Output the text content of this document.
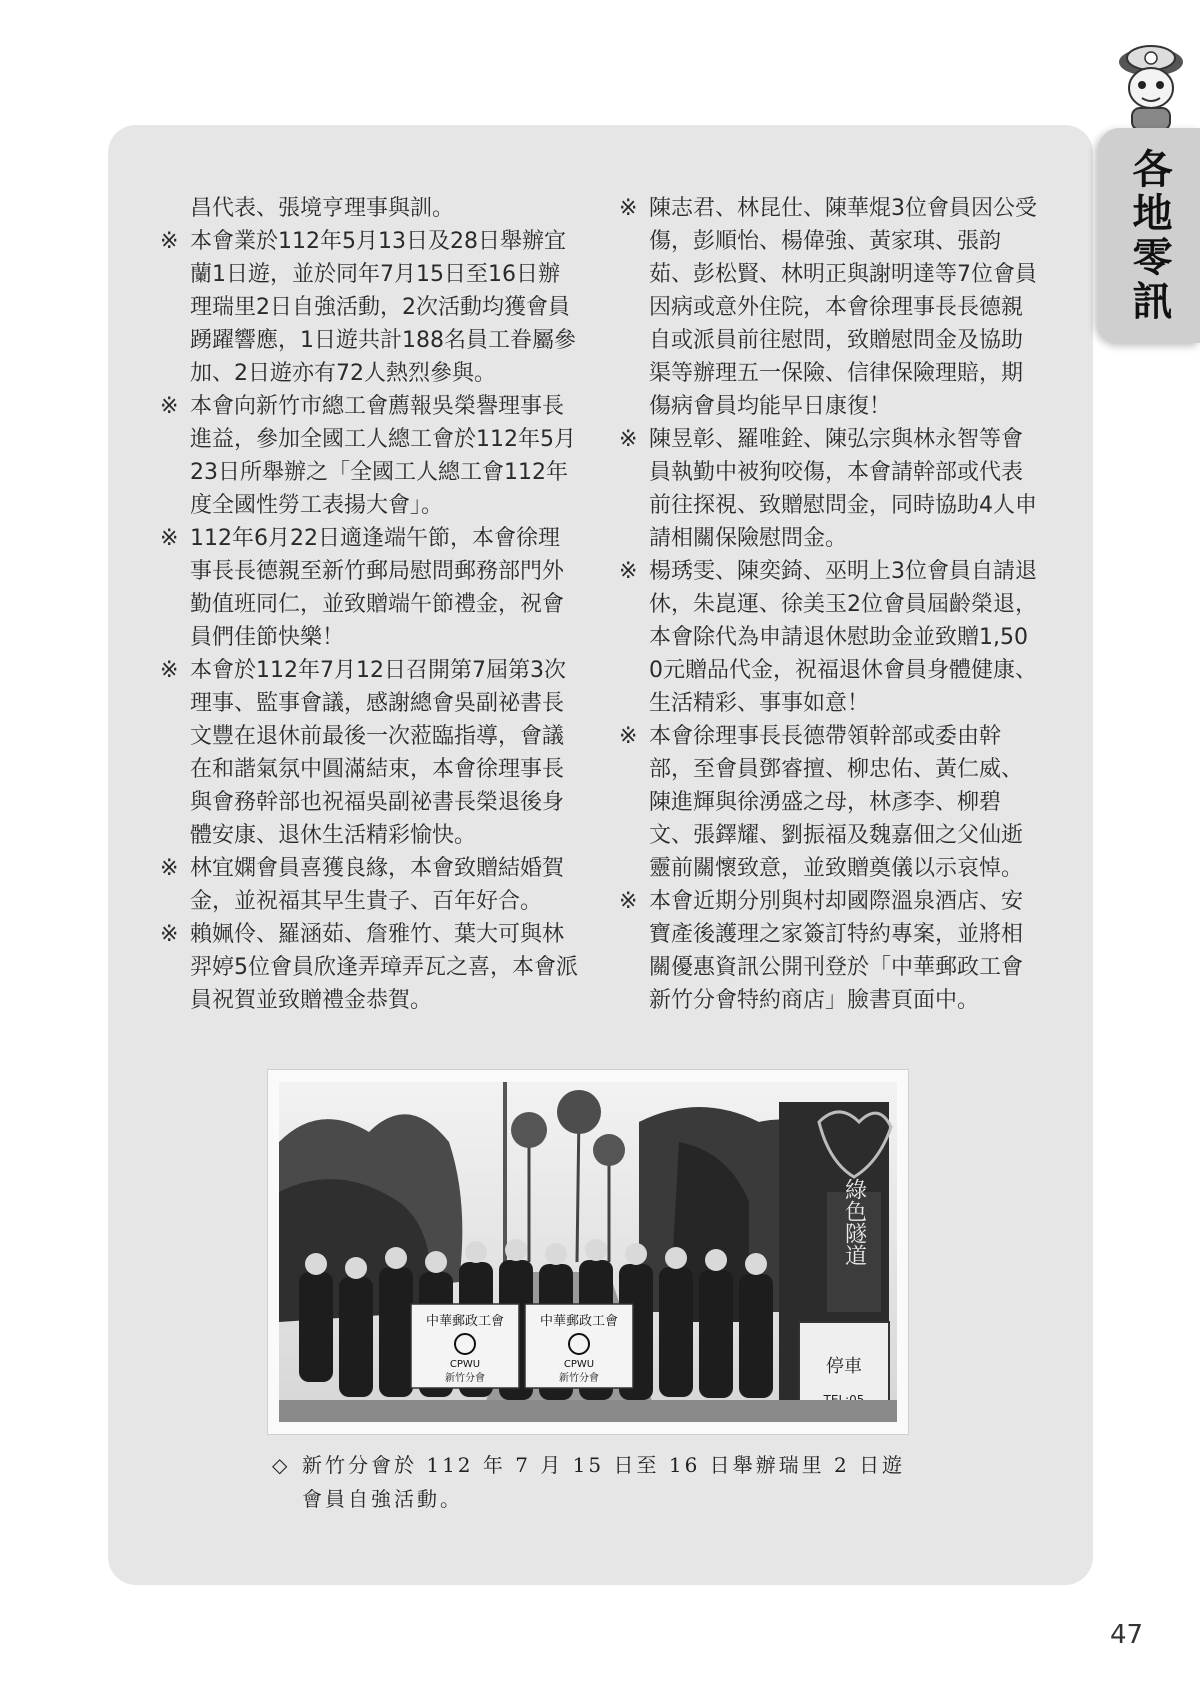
各地零訊
昌代表、張境亨理事與訓。
※ 本會業於112年5月13日及28日舉辦宜蘭1日遊，並於同年7月15日至16日辦理瑞里2日自強活動，2次活動均獲會員踴躍響應，1日遊共計188名員工眷屬參加、2日遊亦有72人熱烈參與。
※ 本會向新竹市總工會薦報吳榮譽理事長進益，參加全國工人總工會於112年5月23日所舉辦之「全國工人總工會112年度全國性勞工表揚大會」。
※ 112年6月22日適逢端午節，本會徐理事長長德親至新竹郵局慰問郵務部門外勤值班同仁，並致贈端午節禮金，祝會員們佳節快樂！
※ 本會於112年7月12日召開第7屆第3次理事、監事會議，感謝總會吳副祕書長文豐在退休前最後一次蒞臨指導，會議在和諧氣氛中圓滿結束，本會徐理事長與會務幹部也祝福吳副祕書長榮退後身體安康、退休生活精彩愉快。
※ 林宜嫻會員喜獲良緣，本會致贈結婚賀金，並祝福其早生貴子、百年好合。
※ 賴姵伶、羅涵茹、詹雅竹、葉大可與林羿婷5位會員欣逢弄璋弄瓦之喜，本會派員祝賀並致贈禮金恭賀。
※ 陳志君、林昆仕、陳華焜3位會員因公受傷，彭順怡、楊偉強、黃家琪、張韵茹、彭松賢、林明正與謝明達等7位會員因病或意外住院，本會徐理事長長德親自或派員前往慰問，致贈慰問金及協助渠等辦理五一保險、信律保險理賠，期傷病會員均能早日康復！
※ 陳昱彰、羅唯銓、陳弘宗與林永智等會員執勤中被狗咬傷，本會請幹部或代表前往探視、致贈慰問金，同時協助4人申請相關保險慰問金。
※ 楊琇雯、陳奕錡、巫明上3位會員自請退休，朱崑運、徐美玉2位會員屆齡榮退，本會除代為申請退休慰助金並致贈1,500元贈品代金，祝福退休會員身體健康、生活精彩、事事如意！
※ 本會徐理事長長德帶領幹部或委由幹部，至會員鄧睿擅、柳忠佑、黃仁威、陳進輝與徐湧盛之母，林彥李、柳碧文、張鐸耀、劉振福及魏嘉佃之父仙逝靈前關懷致意，並致贈奠儀以示哀悼。
※ 本會近期分別與村却國際溫泉酒店、安寶產後護理之家簽訂特約專案，並將相關優惠資訊公開刊登於「中華郵政工會新竹分會特約商店」臉書頁面中。
綠色隧道
停車
中華郵政工會
CPWU
新竹分會
中華郵政工會
CPWU
新竹分會
◇ 新竹分會於 112 年 7 月 15 日至 16 日舉辦瑞里 2 日遊會員自強活動。
47
